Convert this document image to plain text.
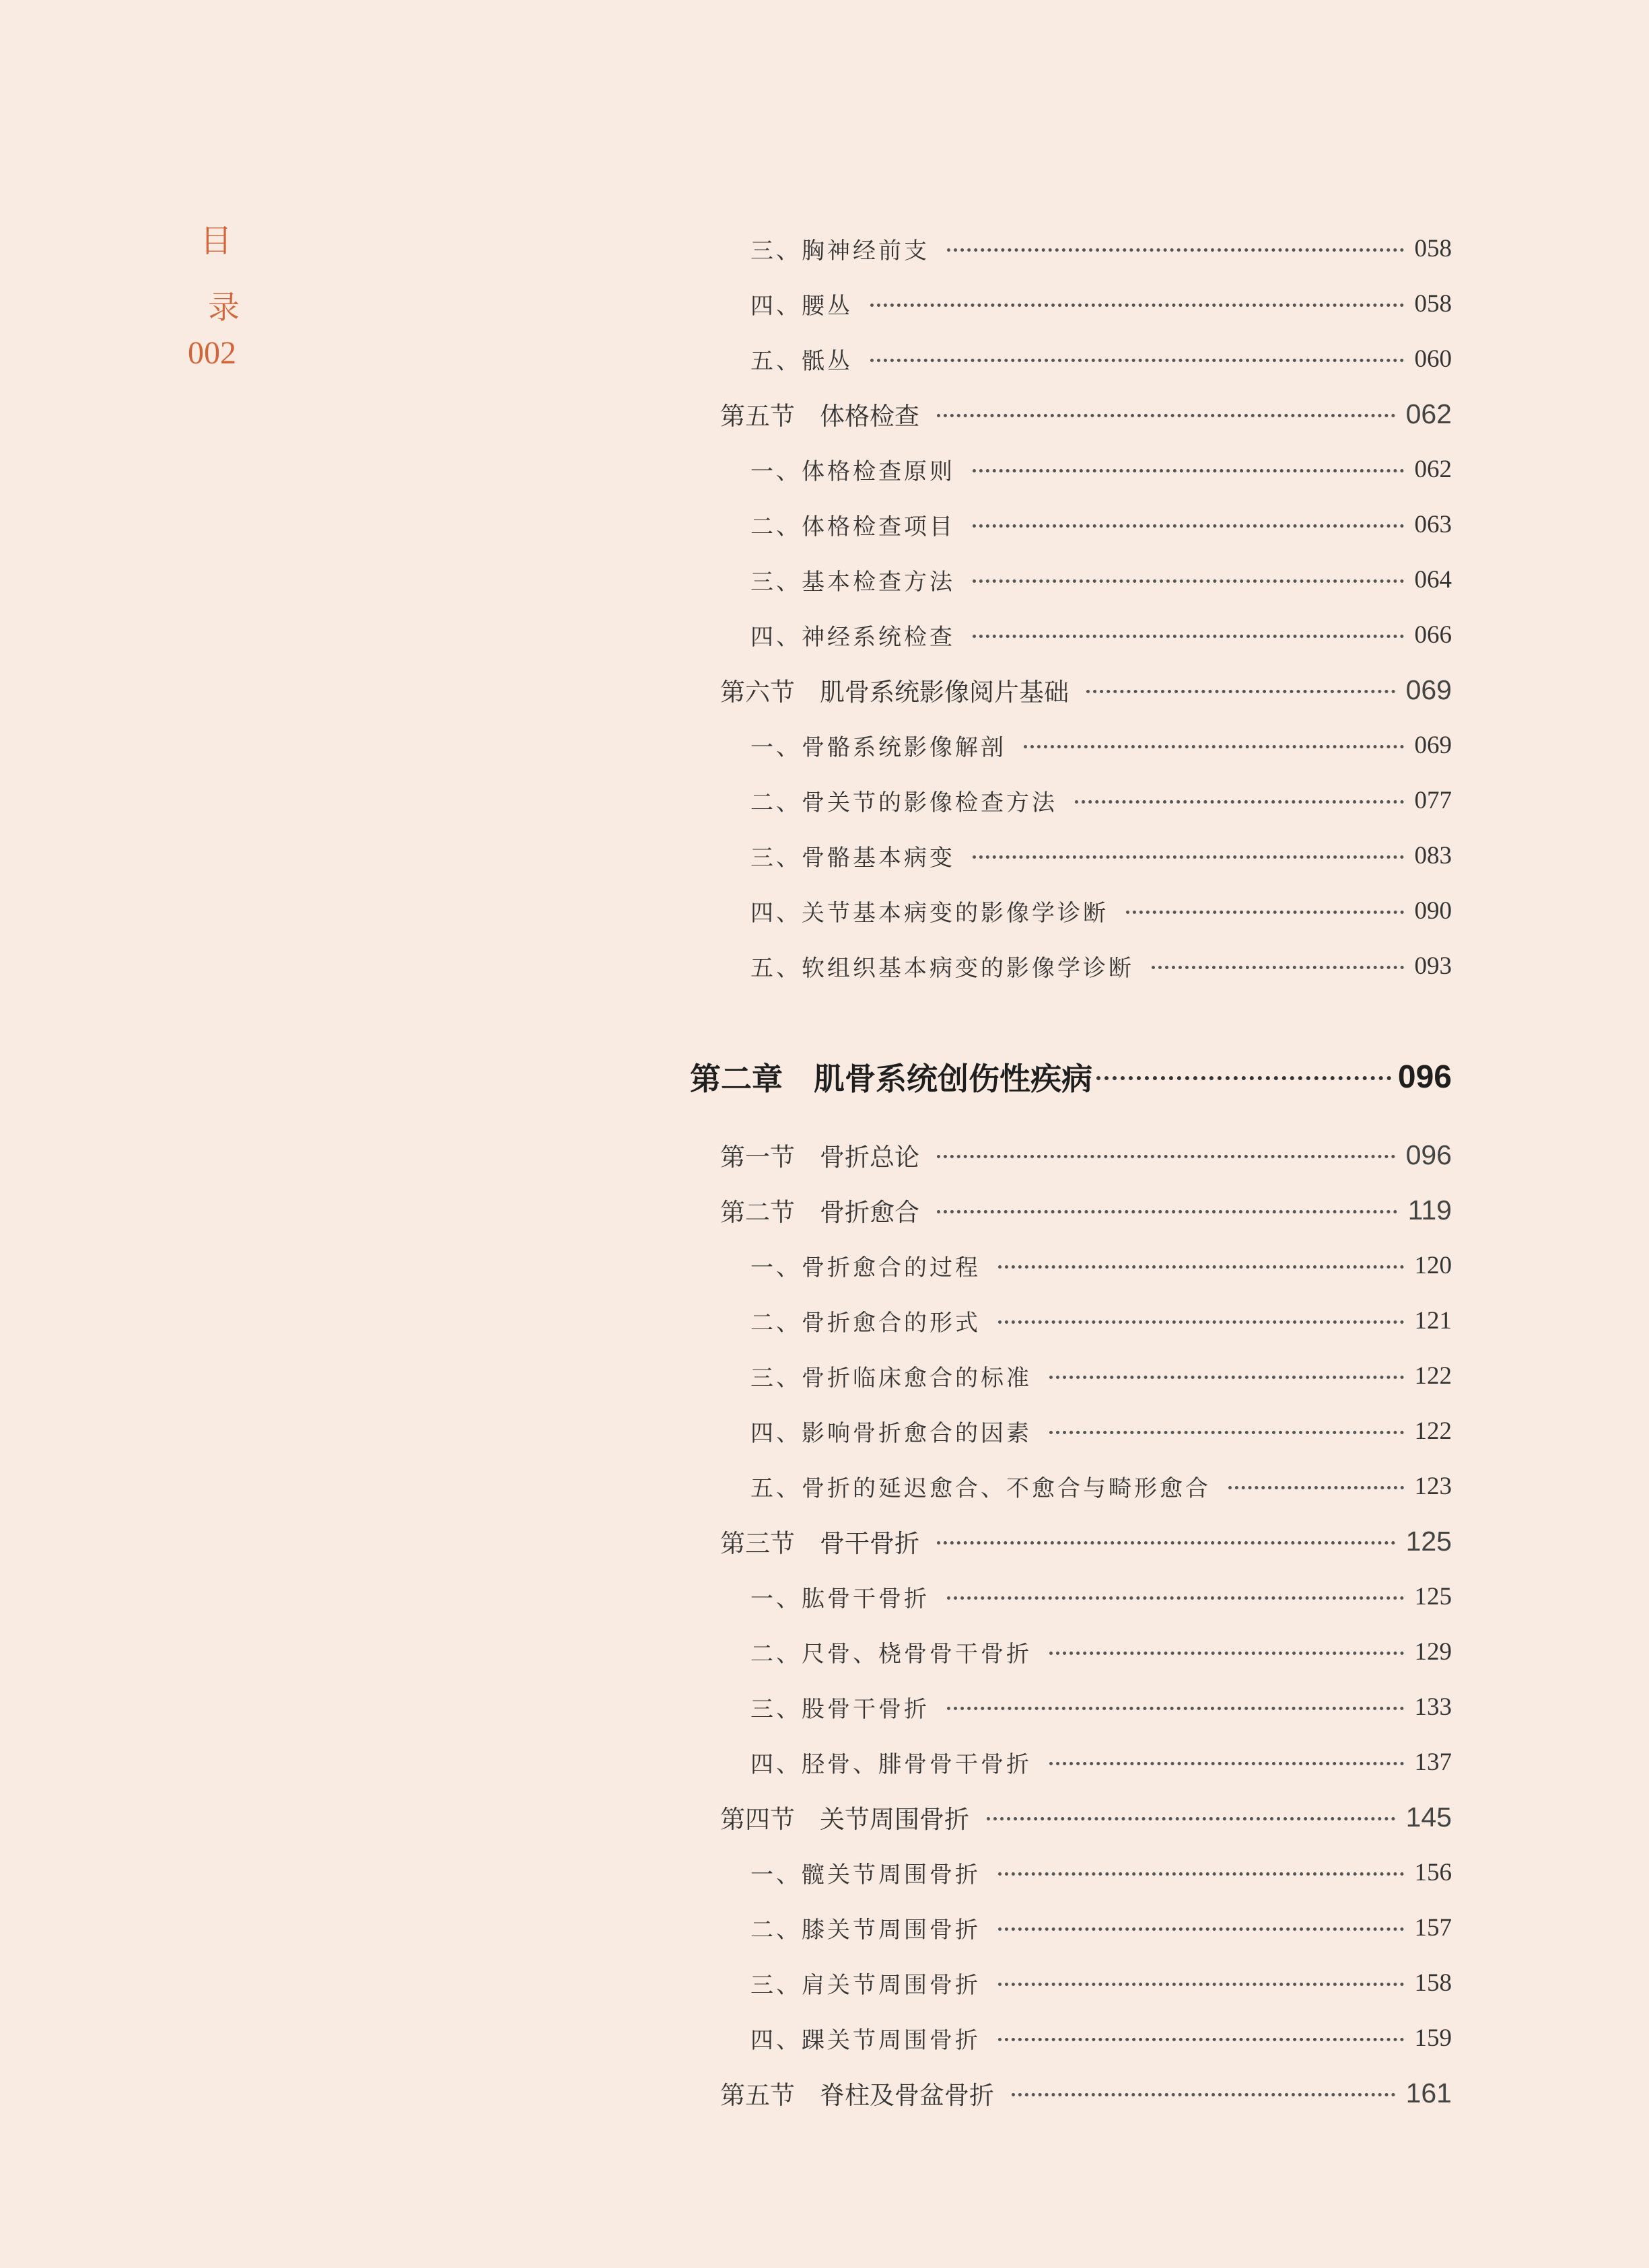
目
录
002
三、胸神经前支	058
四、腰丛	058
五、骶丛	060
第五节　体格检查	062
一、体格检查原则	062
二、体格检查项目	063
三、基本检查方法	064
四、神经系统检查	066
第六节　肌骨系统影像阅片基础	069
一、骨骼系统影像解剖	069
二、骨关节的影像检查方法	077
三、骨骼基本病变	083
四、关节基本病变的影像学诊断	090
五、软组织基本病变的影像学诊断	093
第二章　肌骨系统创伤性疾病	096
第一节　骨折总论	096
第二节　骨折愈合	119
一、骨折愈合的过程	120
二、骨折愈合的形式	121
三、骨折临床愈合的标准	122
四、影响骨折愈合的因素	122
五、骨折的延迟愈合、不愈合与畸形愈合	123
第三节　骨干骨折	125
一、肱骨干骨折	125
二、尺骨、桡骨骨干骨折	129
三、股骨干骨折	133
四、胫骨、腓骨骨干骨折	137
第四节　关节周围骨折	145
一、髋关节周围骨折	156
二、膝关节周围骨折	157
三、肩关节周围骨折	158
四、踝关节周围骨折	159
第五节　脊柱及骨盆骨折	161
